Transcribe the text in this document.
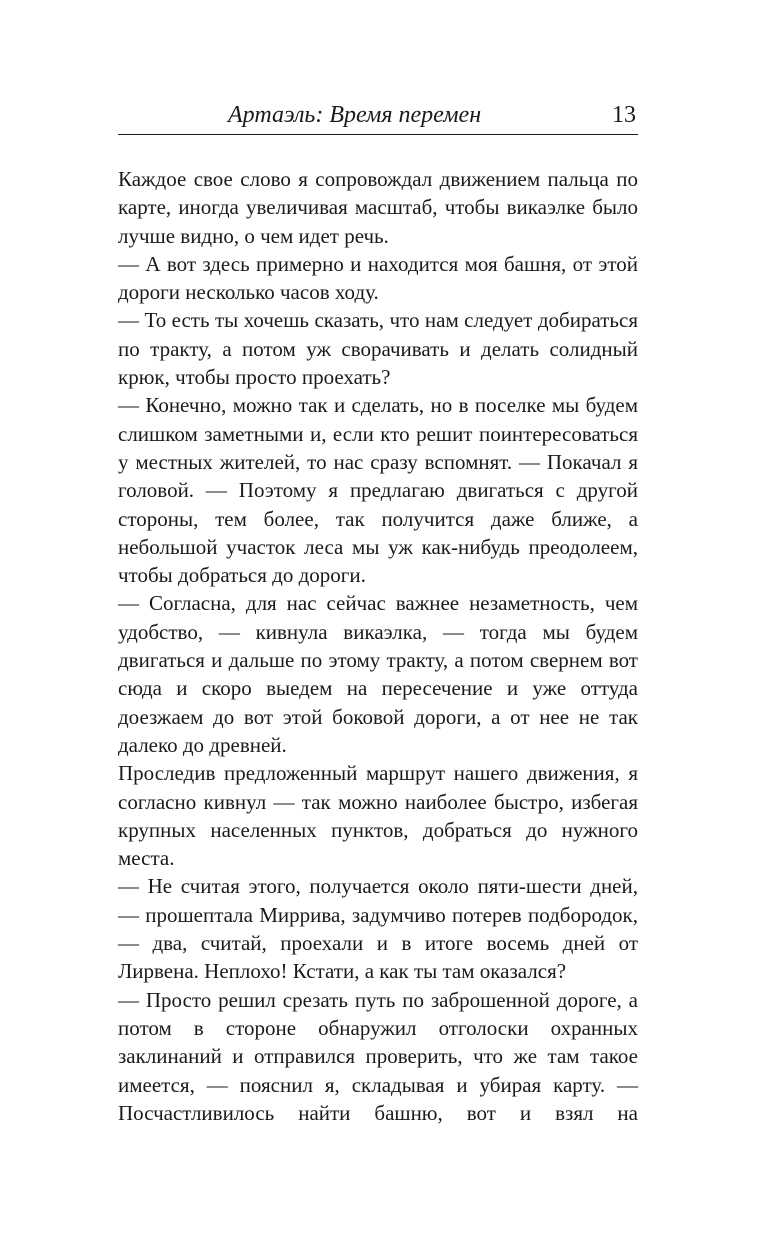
Артаэль: Время перемен	13

Каждое свое слово я сопровождал движением пальца по карте, иногда увеличивая масштаб, чтобы викаэлке было лучше видно, о чем идет речь.

— А вот здесь примерно и находится моя башня, от этой дороги несколько часов ходу.

— То есть ты хочешь сказать, что нам следует добираться по тракту, а потом уж сворачивать и делать солидный крюк, чтобы просто проехать?

— Конечно, можно так и сделать, но в поселке мы будем слишком заметными и, если кто решит поинтересоваться у местных жителей, то нас сразу вспомнят. — Покачал я головой. — Поэтому я предлагаю двигаться с другой стороны, тем более, так получится даже ближе, а небольшой участок леса мы уж как-нибудь преодолеем, чтобы добраться до дороги.

— Согласна, для нас сейчас важнее незаметность, чем удобство, — кивнула викаэлка, — тогда мы будем двигаться и дальше по этому тракту, а потом свернем вот сюда и скоро выедем на пересечение и уже оттуда доезжаем до вот этой боковой дороги, а от нее не так далеко до древней.

Проследив предложенный маршрут нашего движения, я согласно кивнул — так можно наиболее быстро, избегая крупных населенных пунктов, добраться до нужного места.

— Не считая этого, получается около пяти-шести дней, — прошептала Миррива, задумчиво потерев подбородок, — два, считай, проехали и в итоге восемь дней от Лирвена. Неплохо! Кстати, а как ты там оказался?

— Просто решил срезать путь по заброшенной дороге, а потом в стороне обнаружил отголоски охранных заклинаний и отправился проверить, что же там такое имеется, — пояснил я, складывая и убирая карту. — Посчастливилось найти башню, вот и взял на
